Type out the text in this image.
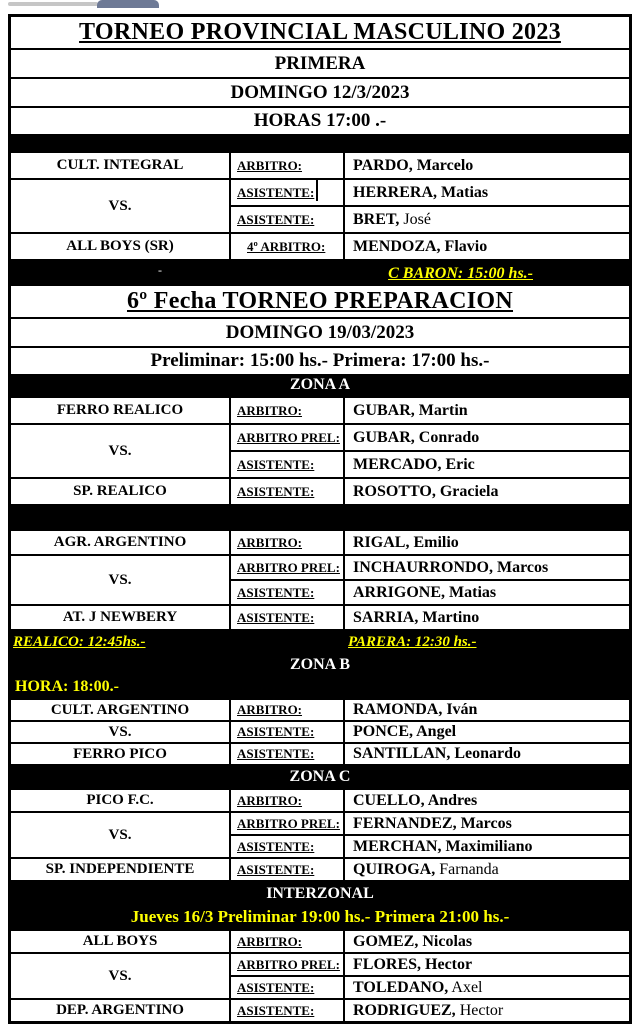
TORNEO PROVINCIAL MASCULINO 2023
PRIMERA
DOMINGO 12/3/2023
HORAS 17:00 .-
CULT. INTEGRAL	ARBITRO:	PARDO, Marcelo
VS.
ASISTENTE: HERRERA, Matias
ASISTENTE:	BRET, José
ALL BOYS (SR)	4º ARBITRO:	MENDOZA, Flavio
-	C BARON: 15:00 hs.-
6º Fecha TORNEO PREPARACION
DOMINGO 19/03/2023
Preliminar: 15:00 hs.- Primera: 17:00 hs.-
ZONA A
FERRO REALICO	ARBITRO:	GUBAR, Martin
VS.
ARBITRO PREL: GUBAR, Conrado
ASISTENTE:	MERCADO, Eric
SP. REALICO	ASISTENTE:	ROSOTTO, Graciela
AGR. ARGENTINO	ARBITRO:	RIGAL, Emilio
VS.
ARBITRO PREL: INCHAURRONDO, Marcos
ASISTENTE:	ARRIGONE, Matias
AT. J NEWBERY	ASISTENTE:	SARRIA, Martino
REALICO: 12:45hs.-	PARERA: 12:30 hs.-
ZONA B
HORA: 18:00.-
CULT. ARGENTINO	ARBITRO:	RAMONDA, Iván
VS.	ASISTENTE:	PONCE, Angel
FERRO PICO	ASISTENTE:	SANTILLAN, Leonardo
ZONA C
PICO F.C.	ARBITRO:	CUELLO, Andres
VS.
ARBITRO PREL: FERNANDEZ, Marcos
ASISTENTE:	MERCHAN, Maximiliano
SP. INDEPENDIENTE	ASISTENTE:	QUIROGA, Farnanda
INTERZONAL
Jueves 16/3 Preliminar 19:00 hs.- Primera 21:00 hs.-
ALL BOYS	ARBITRO:	GOMEZ, Nicolas
VS.
ARBITRO PREL: FLORES, Hector
ASISTENTE:	TOLEDANO, Axel
DEP. ARGENTINO	ASISTENTE:	RODRIGUEZ, Hector
